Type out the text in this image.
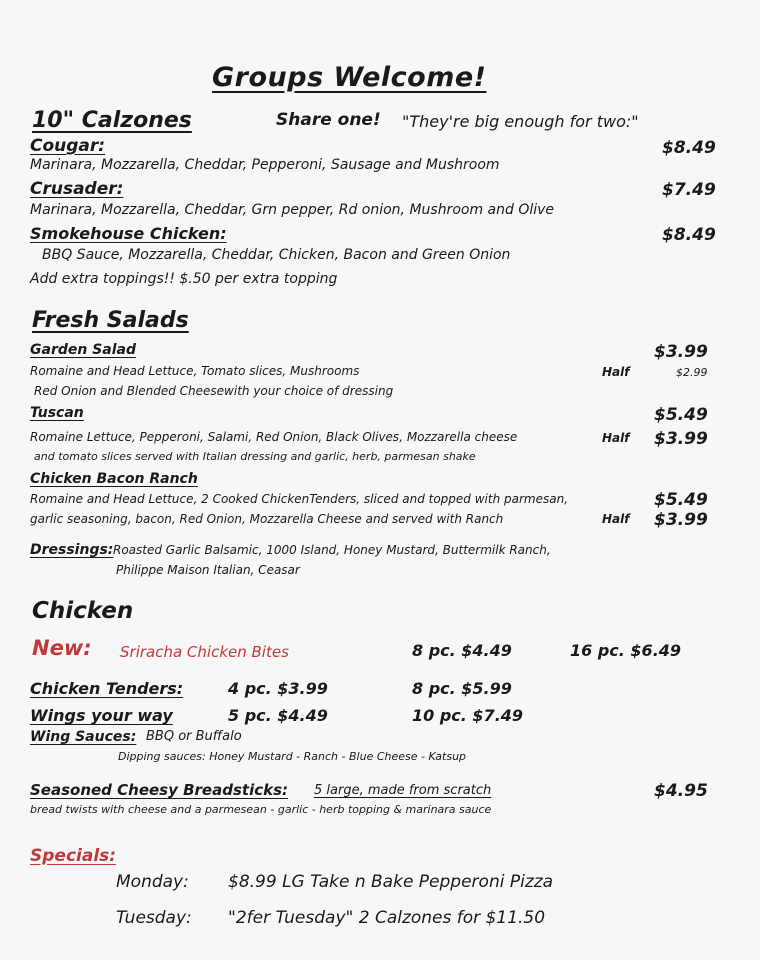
Groups Welcome!
10" Calzones	Share one! "They're big enough for two:"
Cougar:	$8.49
Marinara, Mozzarella, Cheddar, Pepperoni, Sausage and Mushroom
Crusader:	$7.49
Marinara, Mozzarella, Cheddar, Grn pepper, Rd onion, Mushroom and Olive
Smokehouse Chicken:	$8.49
BBQ Sauce, Mozzarella, Cheddar, Chicken, Bacon and Green Onion
Add extra toppings!! $.50 per extra topping
Fresh Salads
Garden Salad	$3.99
Romaine and Head Lettuce, Tomato slices, Mushrooms	Half	$2.99
Red Onion and Blended Cheesewith your choice of dressing
Tuscan	$5.49
Romaine Lettuce, Pepperoni, Salami, Red Onion, Black Olives, Mozzarella cheese	Half $3.99
and tomato slices served with Italian dressing and garlic, herb, parmesan shake
Chicken Bacon Ranch
Romaine and Head Lettuce, 2 Cooked ChickenTenders, sliced and topped with parmesan,	$5.49
garlic seasoning, bacon, Red Onion, Mozzarella Cheese and served with Ranch	Half $3.99
Dressings: Roasted Garlic Balsamic, 1000 Island, Honey Mustard, Buttermilk Ranch,
Philippe Maison Italian, Ceasar
Chicken
New: Sriracha Chicken Bites	8 pc. $4.49	16 pc. $6.49
Chicken Tenders:	4 pc. $3.99	8 pc. $5.99
Wings your way	5 pc. $4.49	10 pc. $7.49
Wing Sauces: BBQ or Buffalo
Dipping sauces: Honey Mustard - Ranch - Blue Cheese - Katsup
Seasoned Cheesy Breadsticks: 5 large, made from scratch	$4.95
bread twists with cheese and a parmesean - garlic - herb topping & marinara sauce
Specials:
Monday: $8.99 LG Take n Bake Pepperoni Pizza
Tuesday: "2fer Tuesday" 2 Calzones for $11.50
